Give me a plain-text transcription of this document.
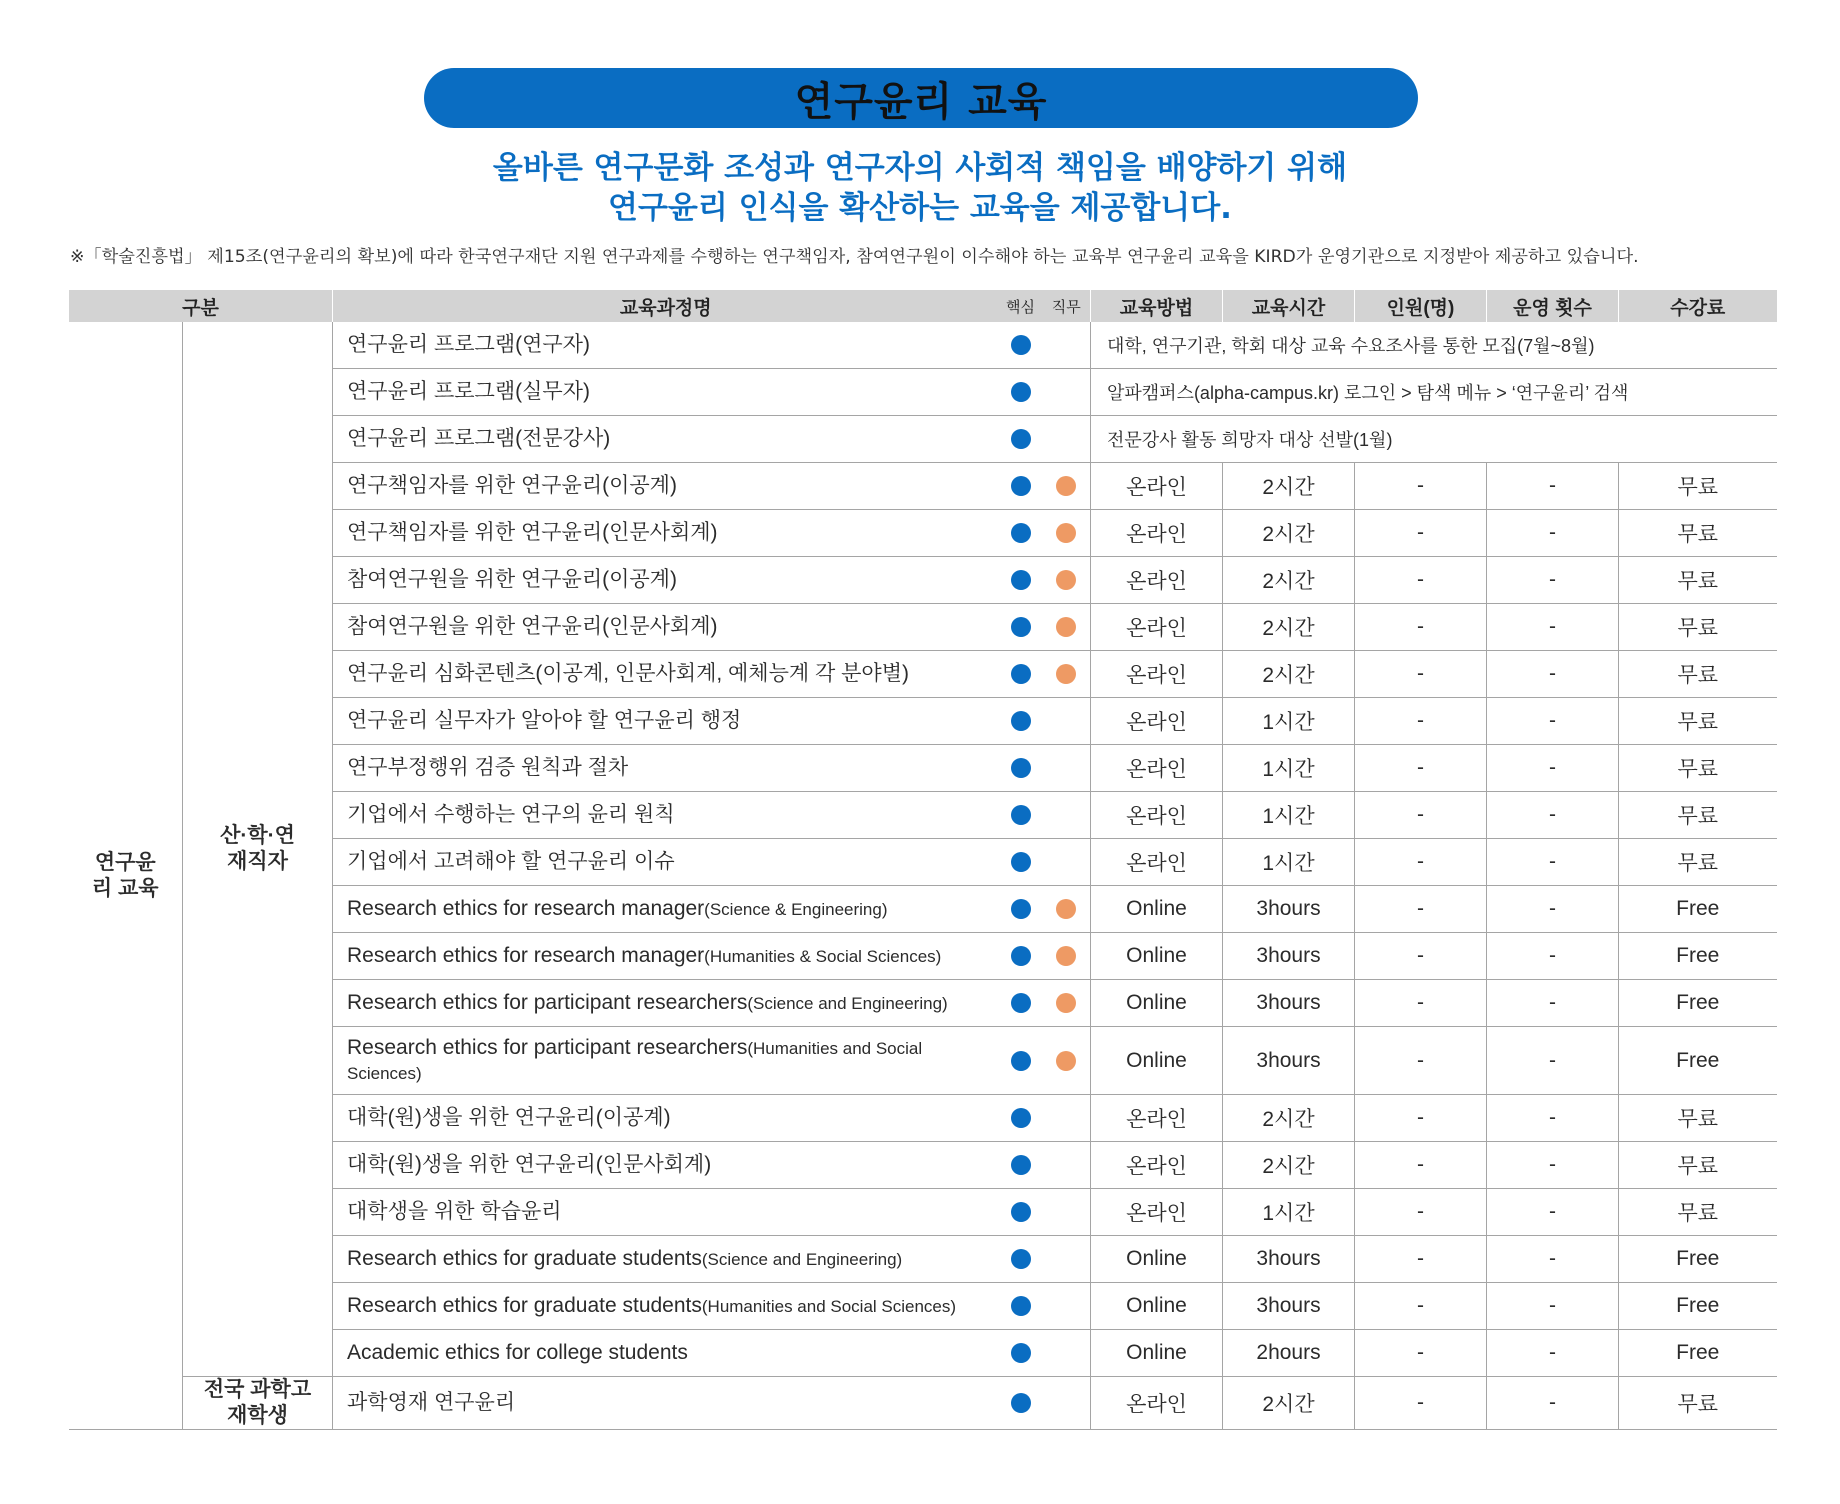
연구윤리 교육
올바른 연구문화 조성과 연구자의 사회적 책임을 배양하기 위해
연구윤리 인식을 확산하는 교육을 제공합니다.
※「학술진흥법」 제15조(연구윤리의 확보)에 따라 한국연구재단 지원 연구과제를 수행하는 연구책임자, 참여연구원이 이수해야 하는 교육부 연구윤리 교육을 KIRD가 운영기관으로 지정받아 제공하고 있습니다.
구분		교육과정명	핵심	직무	교육방법	교육시간	인원(명)	운영 횟수	수강료
연구윤리 교육	산·학·연 재직자	연구윤리 프로그램(연구자)			대학, 연구기관, 학회 대상 교육 수요조사를 통한 모집(7월~8월)				
		연구윤리 프로그램(실무자)			알파캠퍼스(alpha-campus.kr) 로그인 > 탐색 메뉴 > ‘연구윤리’ 검색				
		연구윤리 프로그램(전문강사)			전문강사 활동 희망자 대상 선발(1월)				
		연구책임자를 위한 연구윤리(이공계)			온라인	2시간	-	-	무료
		연구책임자를 위한 연구윤리(인문사회계)			온라인	2시간	-	-	무료
		참여연구원을 위한 연구윤리(이공계)			온라인	2시간	-	-	무료
		참여연구원을 위한 연구윤리(인문사회계)			온라인	2시간	-	-	무료
		연구윤리 심화콘텐츠(이공계, 인문사회계, 예체능계 각 분야별)			온라인	2시간	-	-	무료
		연구윤리 실무자가 알아야 할 연구윤리 행정			온라인	1시간	-	-	무료
		연구부정행위 검증 원칙과 절차			온라인	1시간	-	-	무료
		기업에서 수행하는 연구의 윤리 원칙			온라인	1시간	-	-	무료
		기업에서 고려해야 할 연구윤리 이슈			온라인	1시간	-	-	무료
		Research ethics for research manager(Science & Engineering)			Online	3hours	-	-	Free
		Research ethics for research manager(Humanities & Social Sciences)			Online	3hours	-	-	Free
		Research ethics for participant researchers(Science and Engineering)			Online	3hours	-	-	Free
		Research ethics for participant researchers(Humanities and Social Sciences)			Online	3hours	-	-	Free
		대학(원)생을 위한 연구윤리(이공계)			온라인	2시간	-	-	무료
		대학(원)생을 위한 연구윤리(인문사회계)			온라인	2시간	-	-	무료
		대학생을 위한 학습윤리			온라인	1시간	-	-	무료
		Research ethics for graduate students(Science and Engineering)			Online	3hours	-	-	Free
		Research ethics for graduate students(Humanities and Social Sciences)			Online	3hours	-	-	Free
		Academic ethics for college students			Online	2hours	-	-	Free
	전국 과학고 재학생	과학영재 연구윤리			온라인	2시간	-	-	무료
